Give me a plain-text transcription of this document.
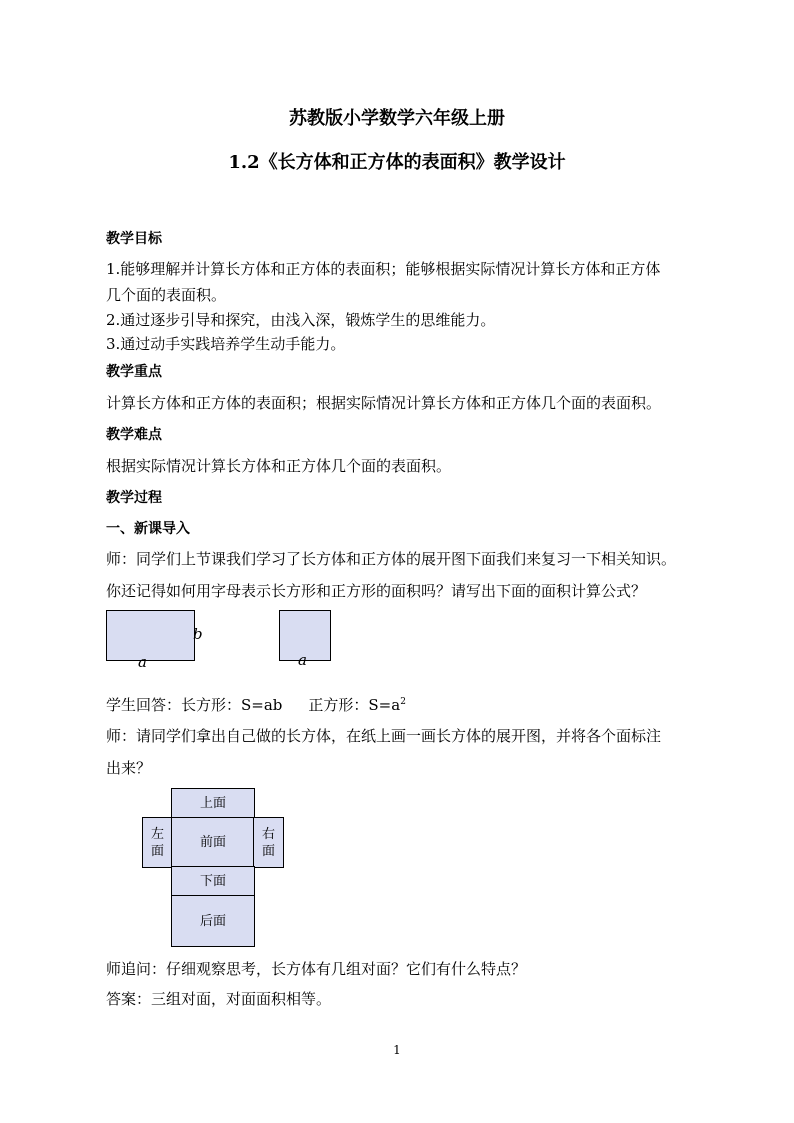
苏教版小学数学六年级上册
1.2《长方体和正方体的表面积》教学设计
教学目标
1.能够理解并计算长方体和正方体的表面积；能够根据实际情况计算长方体和正方体
几个面的表面积。
2.通过逐步引导和探究，由浅入深，锻炼学生的思维能力。
3.通过动手实践培养学生动手能力。
教学重点
计算长方体和正方体的表面积；根据实际情况计算长方体和正方体几个面的表面积。
教学难点
根据实际情况计算长方体和正方体几个面的表面积。
教学过程
一、新课导入
师：同学们上节课我们学习了长方体和正方体的展开图下面我们来复习一下相关知识。
你还记得如何用字母表示长方形和正方形的面积吗？请写出下面的面积计算公式？
b
a	a
学生回答：长方形：S=ab 正方形：$S=a^2$
师：请同学们拿出自己做的长方体，在纸上画一画长方体的展开图，并将各个面标注
出来？
上面
左
面
前面
右
面
下面
后面
师追问：仔细观察思考，长方体有几组对面？它们有什么特点？
答案：三组对面，对面面积相等。
1
